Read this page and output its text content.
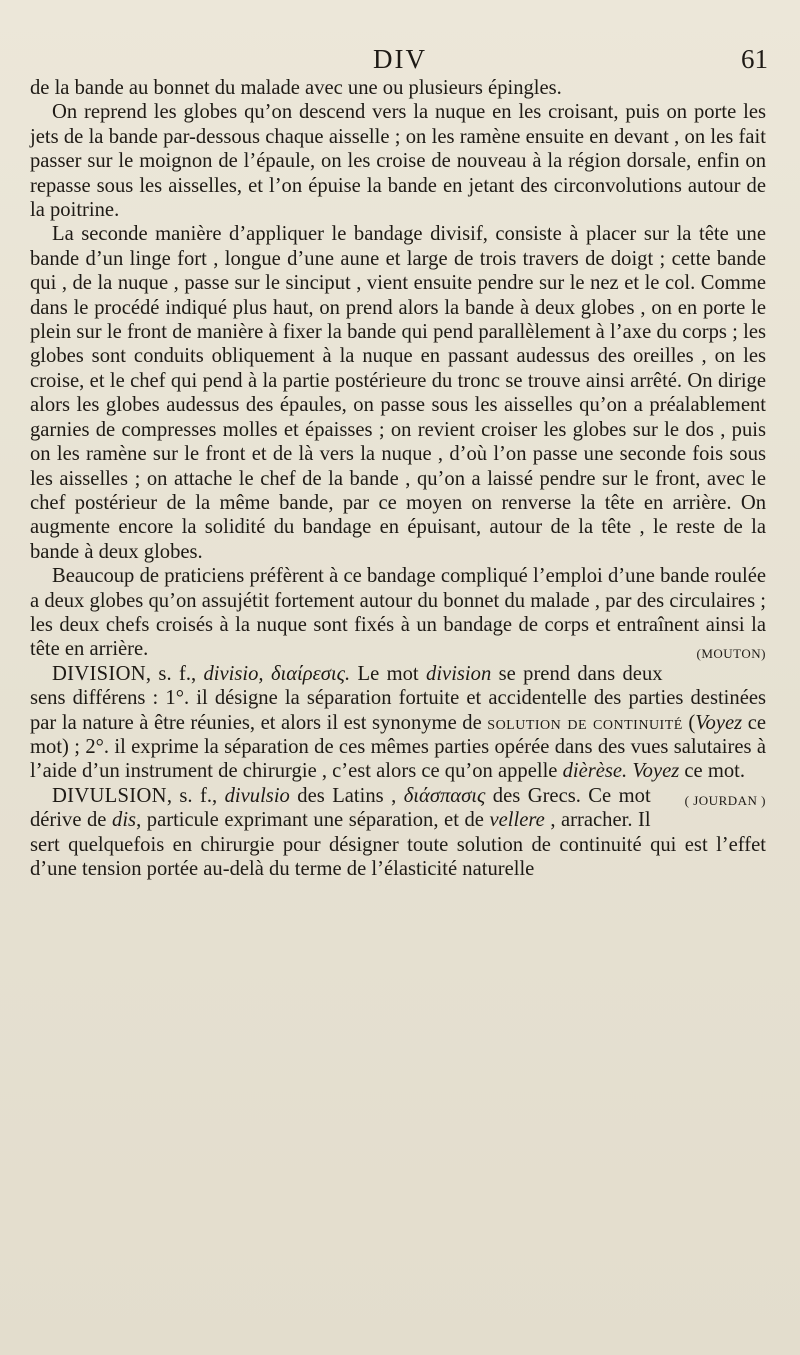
DIV	61

de la bande au bonnet du malade avec une ou plusieurs épingles.

On reprend les globes qu’on descend vers la nuque en les croisant, puis on porte les jets de la bande par-dessous chaque aisselle ; on les ramène ensuite en devant , on les fait passer sur le moignon de l’épaule, on les croise de nouveau à la région dorsale, enfin on repasse sous les aisselles, et l’on épuise la bande en jetant des circonvolutions autour de la poitrine.

La seconde manière d’appliquer le bandage divisif, consiste à placer sur la tête une bande d’un linge fort , longue d’une aune et large de trois travers de doigt ; cette bande qui , de la nuque , passe sur le sinciput , vient ensuite pendre sur le nez et le col. Comme dans le procédé indiqué plus haut, on prend alors la bande à deux globes , on en porte le plein sur le front de manière à fixer la bande qui pend parallèlement à l’axe du corps ; les globes sont conduits obliquement à la nuque en passant audessus des oreilles , on les croise, et le chef qui pend à la partie postérieure du tronc se trouve ainsi arrêté. On dirige alors les globes audessus des épaules, on passe sous les aisselles qu’on a préalablement garnies de compresses molles et épaisses ; on revient croiser les globes sur le dos , puis on les ramène sur le front et de là vers la nuque , d’où l’on passe une seconde fois sous les aisselles ; on attache le chef de la bande , qu’on a laissé pendre sur le front, avec le chef postérieur de la même bande, par ce moyen on renverse la tête en arrière. On augmente encore la solidité du bandage en épuisant, autour de la tête , le reste de la bande à deux globes.

Beaucoup de praticiens préfèrent à ce bandage compliqué l’emploi d’une bande roulée a deux globes qu’on assujétit fortement autour du bonnet du malade , par des circulaires ; les deux chefs croisés à la nuque sont fixés à un bandage de corps et entraînent ainsi la tête en arrière.	(MOUTON)

DIVISION, s. f., divisio, διαίρεσις. Le mot division se prend dans deux sens différens : 1°. il désigne la séparation fortuite et accidentelle des parties destinées par la nature à être réunies, et alors il est synonyme de solution de continuité (Voyez ce mot) ; 2°. il exprime la séparation de ces mêmes parties opérée dans des vues salutaires à l’aide d’un instrument de chirurgie , c’est alors ce qu’on appelle dièrèse. Voyez ce mot.
( JOURDAN )

DIVULSION, s. f., divulsio des Latins , διάσπασις des Grecs. Ce mot dérive de dis, particule exprimant une séparation, et de vellere , arracher. Il sert quelquefois en chirurgie pour désigner toute solution de continuité qui est l’effet d’une tension portée au-delà du terme de l’élasticité naturelle
